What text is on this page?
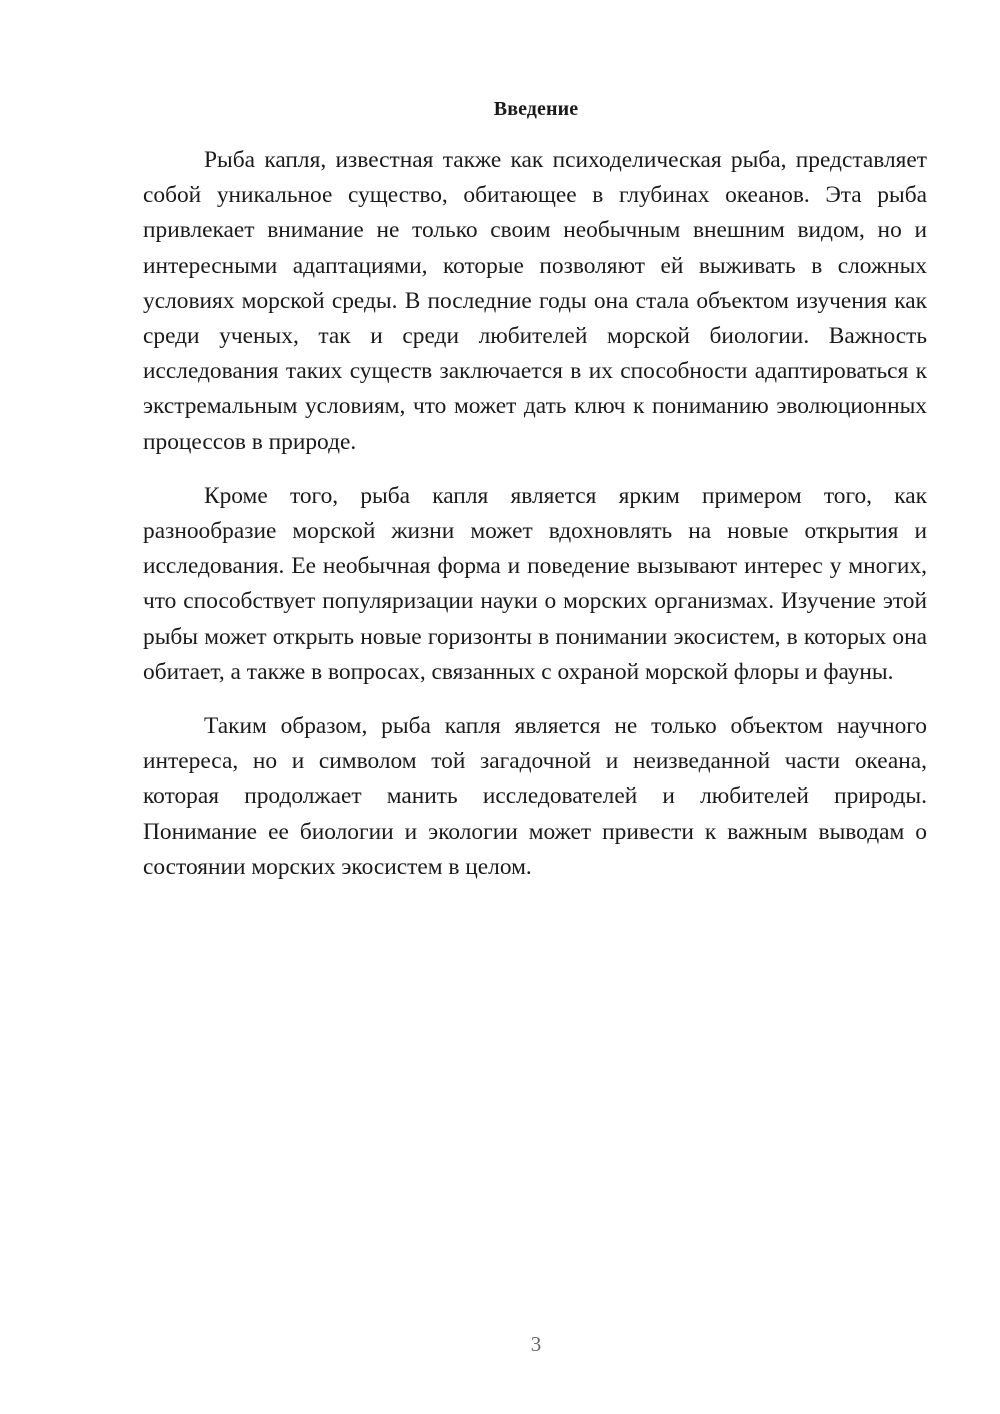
Введение

Рыба капля, известная также как психоделическая рыба, представляет собой уникальное существо, обитающее в глубинах океанов. Эта рыба привлекает внимание не только своим необычным внешним видом, но и интересными адаптациями, которые позволяют ей выживать в сложных условиях морской среды. В последние годы она стала объектом изучения как среди ученых, так и среди любителей морской биологии. Важность исследования таких существ заключается в их способности адаптироваться к экстремальным условиям, что может дать ключ к пониманию эволюционных процессов в природе.

Кроме того, рыба капля является ярким примером того, как разнообразие морской жизни может вдохновлять на новые открытия и исследования. Ее необычная форма и поведение вызывают интерес у многих, что способствует популяризации науки о морских организмах. Изучение этой рыбы может открыть новые горизонты в понимании экосистем, в которых она обитает, а также в вопросах, связанных с охраной морской флоры и фауны.

Таким образом, рыба капля является не только объектом научного интереса, но и символом той загадочной и неизведанной части океана, которая продолжает манить исследователей и любителей природы. Понимание ее биологии и экологии может привести к важным выводам о состоянии морских экосистем в целом.

3
